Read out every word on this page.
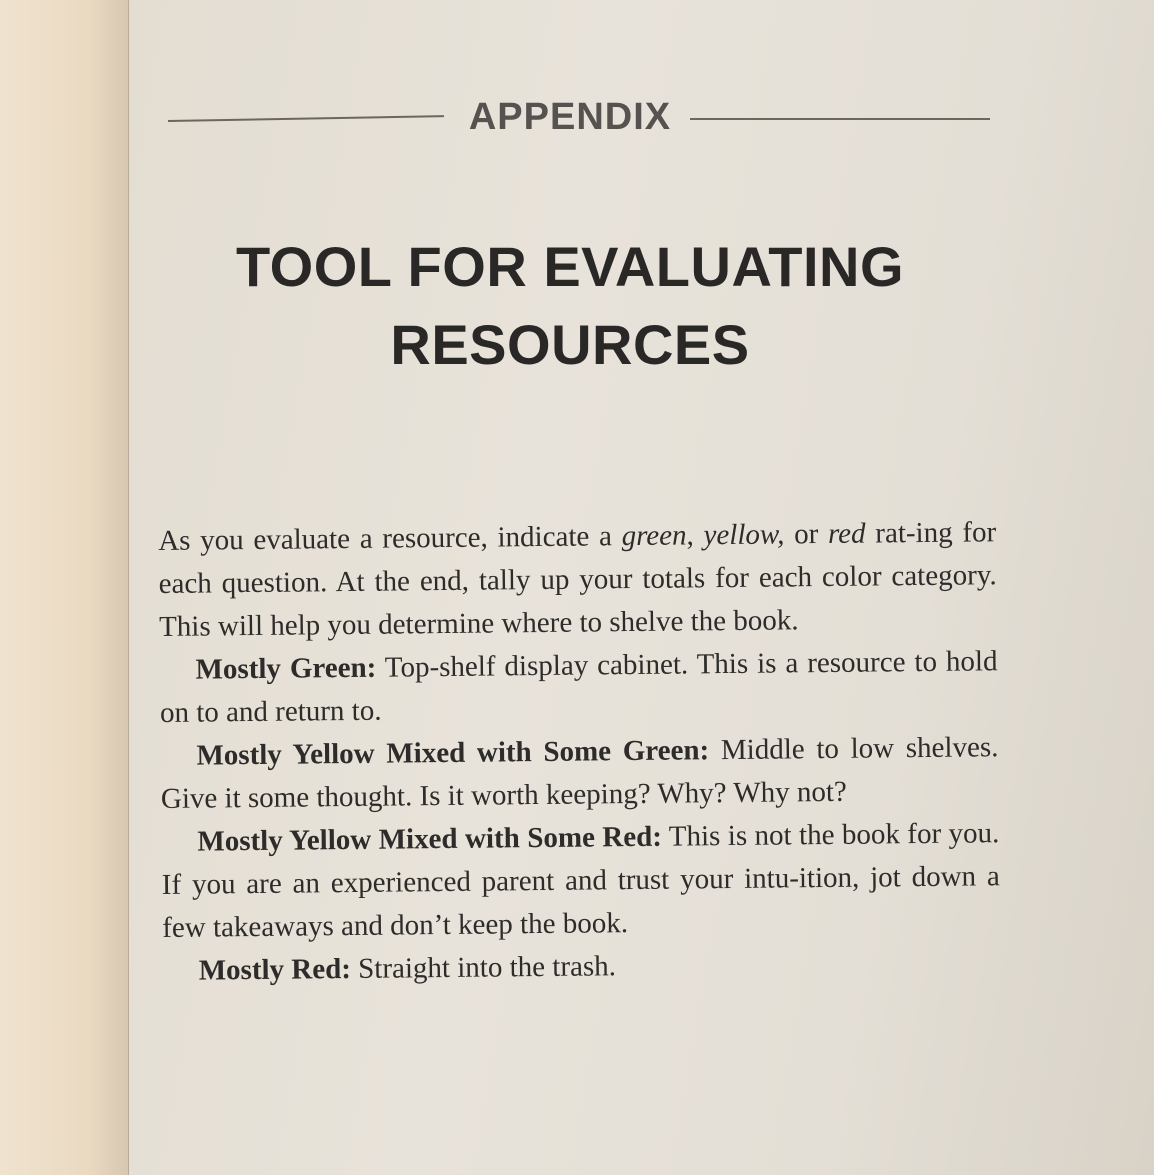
APPENDIX
TOOL FOR EVALUATING
RESOURCES

As you evaluate a resource, indicate a green, yellow, or red rat-ing for each question. At the end, tally up your totals for each color category. This will help you determine where to shelve the book.

Mostly Green: Top-shelf display cabinet. This is a resource to hold on to and return to.

Mostly Yellow Mixed with Some Green: Middle to low shelves. Give it some thought. Is it worth keeping? Why? Why not?

Mostly Yellow Mixed with Some Red: This is not the book for you. If you are an experienced parent and trust your intu-ition, jot down a few takeaways and don’t keep the book.

Mostly Red: Straight into the trash.
